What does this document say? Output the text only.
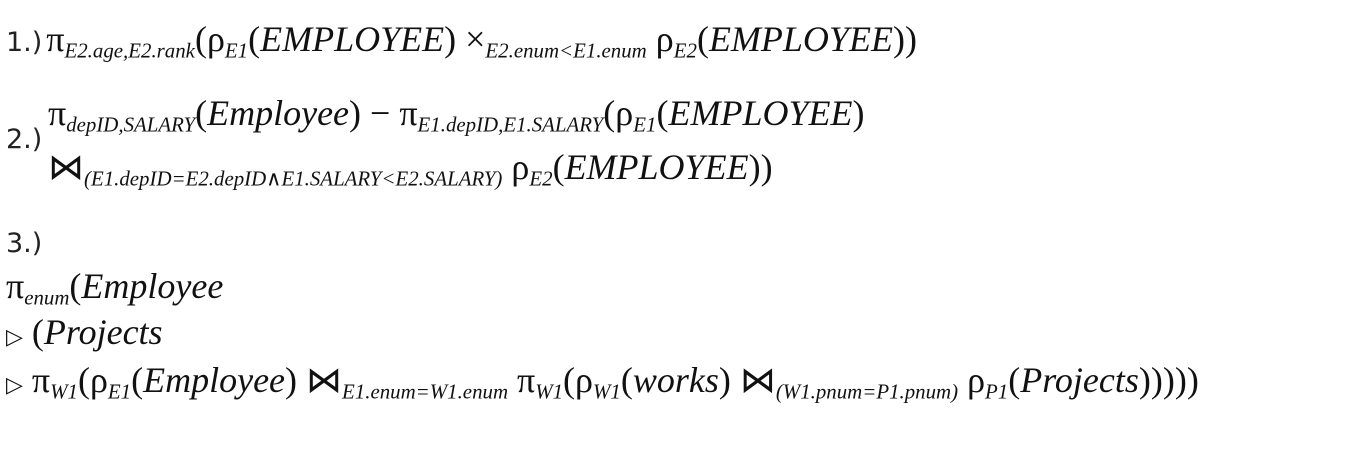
1.) $\pi_{E2.age,E2.rank}(\rho_{E1}(EMPLOYEE) \times_{E2.enum<E1.enum}$ $\rho_{E2}(EMPLOYEE)$)
2.)
$\pi_{depID,SALARY}(Employee)$ − $\pi_{E1.depID,E1.SALARY}(\rho_{E1}(EMPLOYEE)$
$⋈_{(E1.depID=E2.depID\wedge E1.SALARY<E2.SALARY)}$ $\rho_{E2}(EMPLOYEE)$)
3.)
$\pi_{enum}(Employee$
▷ (Projects
▷ $\pi_{W1}(\rho_{E1}(Employee)$ $⋈_{E1.enum=W1.enum}$ $\pi_{W1}(\rho_{W1}(works)$ $⋈_{(W1.pnum=P1.pnum)}$ $\rho_{P1}(Projects)$))))
